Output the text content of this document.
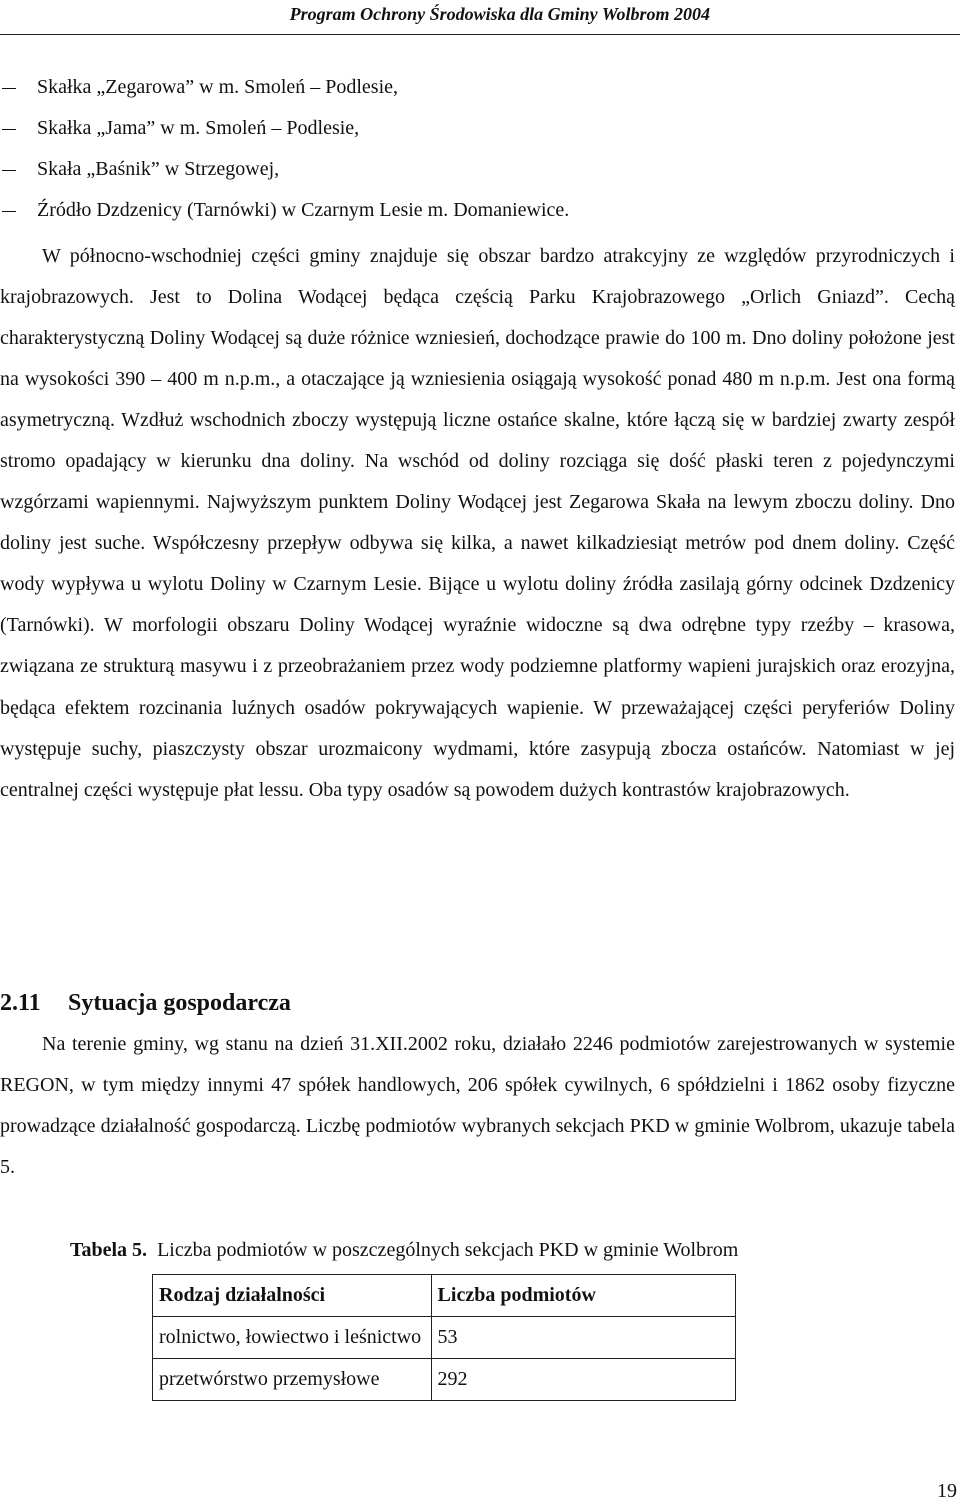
Program Ochrony Środowiska dla Gminy Wolbrom 2004
Skałka „Zegarowa” w m. Smoleń – Podlesie,
Skałka „Jama” w m. Smoleń – Podlesie,
Skała „Baśnik” w Strzegowej,
Źródło Dzdzenicy (Tarnówki) w Czarnym Lesie m. Domaniewice.

W północno-wschodniej części gminy znajduje się obszar bardzo atrakcyjny ze względów przyrodniczych i krajobrazowych. Jest to Dolina Wodącej będąca częścią Parku Krajobrazowego „Orlich Gniazd”. Cechą charakterystyczną Doliny Wodącej są duże różnice wzniesień, dochodzące prawie do 100 m. Dno doliny położone jest na wysokości 390 – 400 m n.p.m., a otaczające ją wzniesienia osiągają wysokość ponad 480 m n.p.m. Jest ona formą asymetryczną. Wzdłuż wschodnich zboczy występują liczne ostańce skalne, które łączą się w bardziej zwarty zespół stromo opadający w kierunku dna doliny. Na wschód od doliny rozciąga się dość płaski teren z pojedynczymi wzgórzami wapiennymi. Najwyższym punktem Doliny Wodącej jest Zegarowa Skała na lewym zboczu doliny. Dno doliny jest suche. Współczesny przepływ odbywa się kilka, a nawet kilkadziesiąt metrów pod dnem doliny. Część wody wypływa u wylotu Doliny w Czarnym Lesie. Bijące u wylotu doliny źródła zasilają górny odcinek Dzdzenicy (Tarnówki). W morfologii obszaru Doliny Wodącej wyraźnie widoczne są dwa odrębne typy rzeźby – krasowa, związana ze strukturą masywu i z przeobrażaniem przez wody podziemne platformy wapieni jurajskich oraz erozyjna, będąca efektem rozcinania luźnych osadów pokrywających wapienie. W przeważającej części peryferiów Doliny występuje suchy, piaszczysty obszar urozmaicony wydmami, które zasypują zbocza ostańców. Natomiast w jej centralnej części występuje płat lessu. Oba typy osadów są powodem dużych kontrastów krajobrazowych.

2.11 Sytuacja gospodarcza

Na terenie gminy, wg stanu na dzień 31.XII.2002 roku, działało 2246 podmiotów zarejestrowanych w systemie REGON, w tym między innymi 47 spółek handlowych, 206 spółek cywilnych, 6 spółdzielni i 1862 osoby fizyczne prowadzące działalność gospodarczą. Liczbę podmiotów wybranych sekcjach PKD w gminie Wolbrom, ukazuje tabela 5.

Tabela 5. Liczba podmiotów w poszczególnych sekcjach PKD w gminie Wolbrom
Rodzaj działalności	Liczba podmiotów
rolnictwo, łowiectwo i leśnictwo	53
przetwórstwo przemysłowe	292
19
